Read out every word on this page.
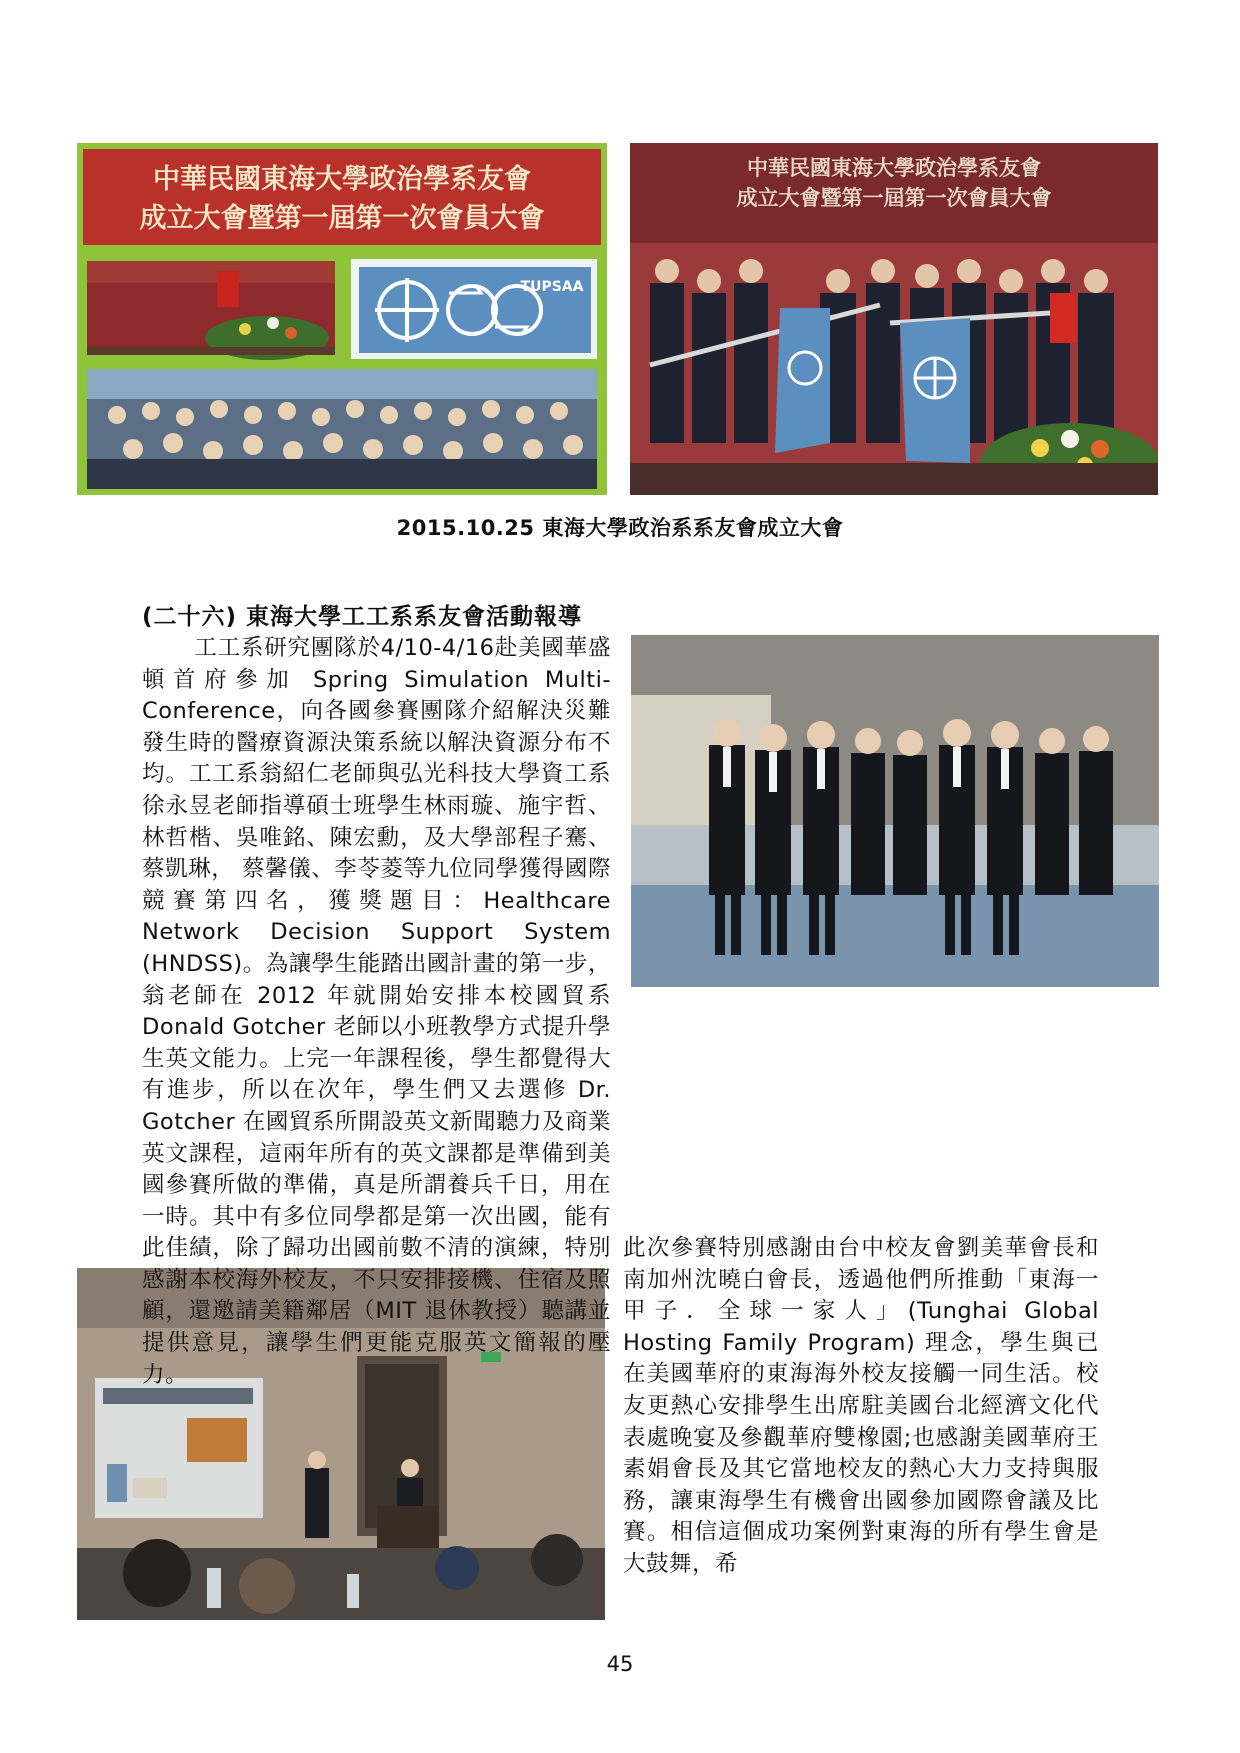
中華民國東海大學政治學系友會
成立大會暨第一屆第一次會員大會
TUPSAA
中華民國東海大學政治學系友會
成立大會暨第一屆第一次會員大會
2015.10.25 東海大學政治系系友會成立大會
(二十六) 東海大學工工系系友會活動報導

工工系研究團隊於4/10-4/16赴美國華盛頓首府參加 Spring Simulation Multi-Conference，向各國參賽團隊介紹解決災難發生時的醫療資源決策系統以解決資源分布不均。工工系翁紹仁老師與弘光科技大學資工系徐永昱老師指導碩士班學生林雨璇、施宇哲、林哲楷、吳唯銘、陳宏勳，及大學部程子騫、蔡凱琳， 蔡馨儀、李苓菱等九位同學獲得國際競賽第四名，獲獎題目：Healthcare Network Decision Support System (HNDSS)。為讓學生能踏出國計畫的第一步，翁老師在 2012 年就開始安排本校國貿系 Donald Gotcher 老師以小班教學方式提升學生英文能力。上完一年課程後，學生都覺得大有進步，所以在次年，學生們又去選修 Dr. Gotcher 在國貿系所開設英文新聞聽力及商業英文課程，這兩年所有的英文課都是準備到美國參賽所做的準備，真是所謂養兵千日，用在一時。其中有多位同學都是第一次出國，能有此佳績，除了歸功出國前數不清的演練，特別感謝本校海外校友，不只安排接機、住宿及照顧，還邀請美籍鄰居（MIT 退休教授）聽講並提供意見，讓學生們更能克服英文簡報的壓力。

此次參賽特別感謝由台中校友會劉美華會長和南加州沈曉白會長，透過他們所推動「東海一甲子．全球一家人」(Tunghai Global Hosting Family Program) 理念，學生與已在美國華府的東海海外校友接觸一同生活。校友更熱心安排學生出席駐美國台北經濟文化代表處晚宴及參觀華府雙橡園;也感謝美國華府王素娟會長及其它當地校友的熱心大力支持與服務，讓東海學生有機會出國參加國際會議及比賽。相信這個成功案例對東海的所有學生會是大鼓舞，希

45
